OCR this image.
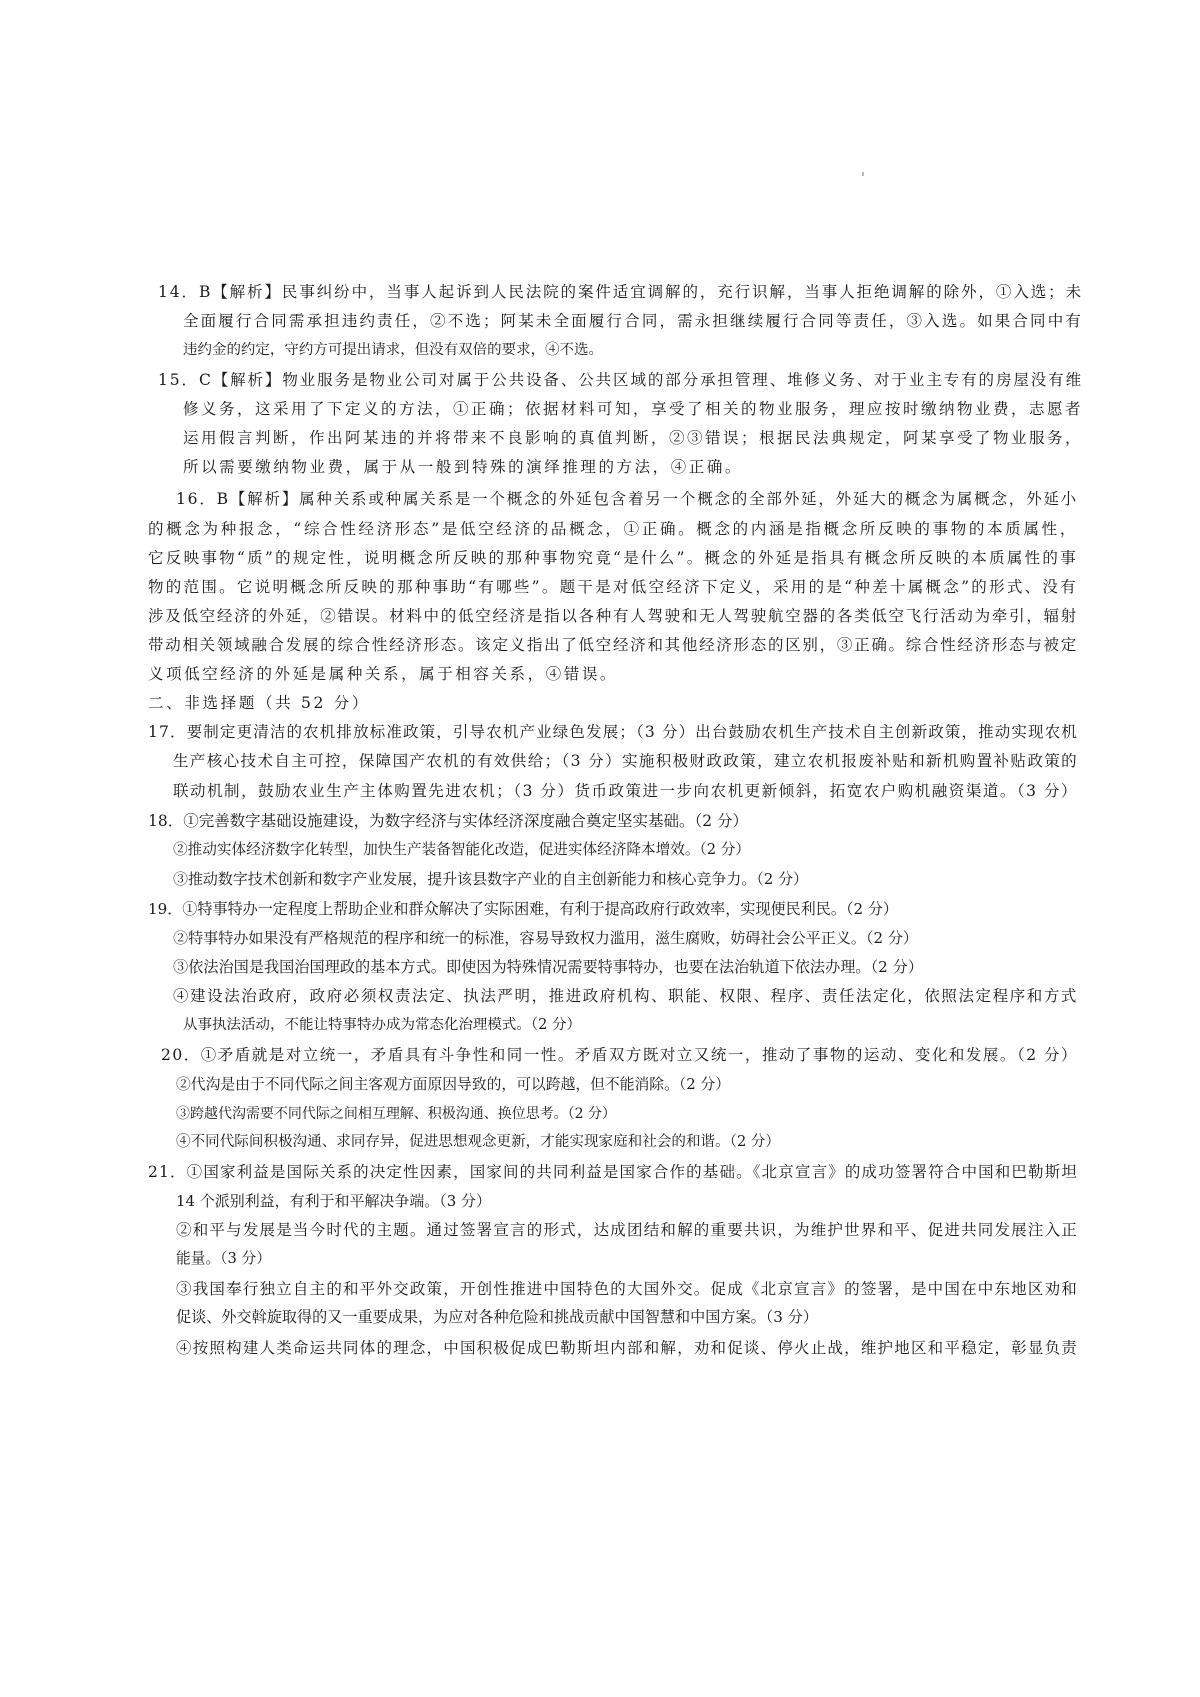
14．B【解析】民事纠纷中，当事人起诉到人民法院的案件适宜调解的，充行识解，当事人拒绝调解的除外，①入选；未
全面履行合同需承担违约责任，②不选；阿某未全面履行合同，需永担继续履行合同等责任，③入选。如果合同中有
违约金的约定，守约方可提出请求，但没有双倍的要求，④不选。
15．C【解析】物业服务是物业公司对属于公共设备、公共区域的部分承担管理、堆修义务、对于业主专有的房屋没有维
修义务，这采用了下定义的方法，①正确；依据材料可知，享受了相关的物业服务，理应按时缴纳物业费，志愿者
运用假言判断，作出阿某违的并将带来不良影响的真值判断，②③错误；根据民法典规定，阿某享受了物业服务，
所以需要缴纳物业费，属于从一般到特殊的演绎推理的方法，④正确。
16．B【解析】属种关系或种属关系是一个概念的外延包含着另一个概念的全部外延，外延大的概念为属概念，外延小
的概念为种报念，“综合性经济形态”是低空经济的品概念，①正确。概念的内涵是指概念所反映的事物的本质属性，
它反映事物“质”的规定性，说明概念所反映的那种事物究竟“是什么”。概念的外延是指具有概念所反映的本质属性的事
物的范围。它说明概念所反映的那种事助“有哪些”。题干是对低空经济下定义，采用的是“种差十属概念”的形式、没有
涉及低空经济的外延，②错误。材料中的低空经济是指以各种有人驾驶和无人驾驶航空器的各类低空飞行活动为牵引，辐射
带动相关领域融合发展的综合性经济形态。该定义指出了低空经济和其他经济形态的区别，③正确。综合性经济形态与被定
义项低空经济的外延是属种关系，属于相容关系，④错误。
二、非选择题（共 52 分）
17．要制定更清洁的农机排放标准政策，引导农机产业绿色发展；（3 分）出台鼓励农机生产技术自主创新政策，推动实现农机
生产核心技术自主可控，保障国产农机的有效供给；（3 分）实施积极财政政策，建立农机报废补贴和新机购置补贴政策的
联动机制，鼓励农业生产主体购置先进农机；（3 分）货币政策进一步向农机更新倾斜，拓宽农户购机融资渠道。（3 分）
18．①完善数字基础设施建设，为数字经济与实体经济深度融合奠定坚实基础。（2 分）
②推动实体经济数字化转型，加快生产装备智能化改造，促进实体经济降本增效。（2 分）
③推动数字技术创新和数字产业发展，提升该县数字产业的自主创新能力和核心竞争力。（2 分）
19．①特事特办一定程度上帮助企业和群众解决了实际困难，有利于提高政府行政效率，实现便民利民。（2 分）
②特事特办如果没有严格规范的程序和统一的标准，容易导致权力滥用，滋生腐败，妨碍社会公平正义。（2 分）
③依法治国是我国治国理政的基本方式。即使因为特殊情况需要特事特办，也要在法治轨道下依法办理。（2 分）
④建设法治政府，政府必须权责法定、执法严明，推进政府机构、职能、权限、程序、责任法定化，依照法定程序和方式
从事执法活动，不能让特事特办成为常态化治理模式。（2 分）
20．①矛盾就是对立统一，矛盾具有斗争性和同一性。矛盾双方既对立又统一，推动了事物的运动、变化和发展。（2 分）
②代沟是由于不同代际之间主客观方面原因导致的，可以跨越，但不能消除。（2 分）
③跨越代沟需要不同代际之间相互理解、积极沟通、换位思考。（2 分）
④不同代际间积极沟通、求同存异，促进思想观念更新，才能实现家庭和社会的和谐。（2 分）
21．①国家利益是国际关系的决定性因素，国家间的共同利益是国家合作的基础。《北京宣言》的成功签署符合中国和巴勒斯坦
14 个派别利益，有利于和平解决争端。（3 分）
②和平与发展是当今时代的主题。通过签署宣言的形式，达成团结和解的重要共识，为维护世界和平、促进共同发展注入正
能量。（3 分）
③我国奉行独立自主的和平外交政策，开创性推进中国特色的大国外交。促成《北京宣言》的签署，是中国在中东地区劝和
促谈、外交斡旋取得的又一重要成果，为应对各种危险和挑战贡献中国智慧和中国方案。（3 分）
④按照构建人类命运共同体的理念，中国积极促成巴勒斯坦内部和解，劝和促谈、停火止战，维护地区和平稳定，彰显负责
